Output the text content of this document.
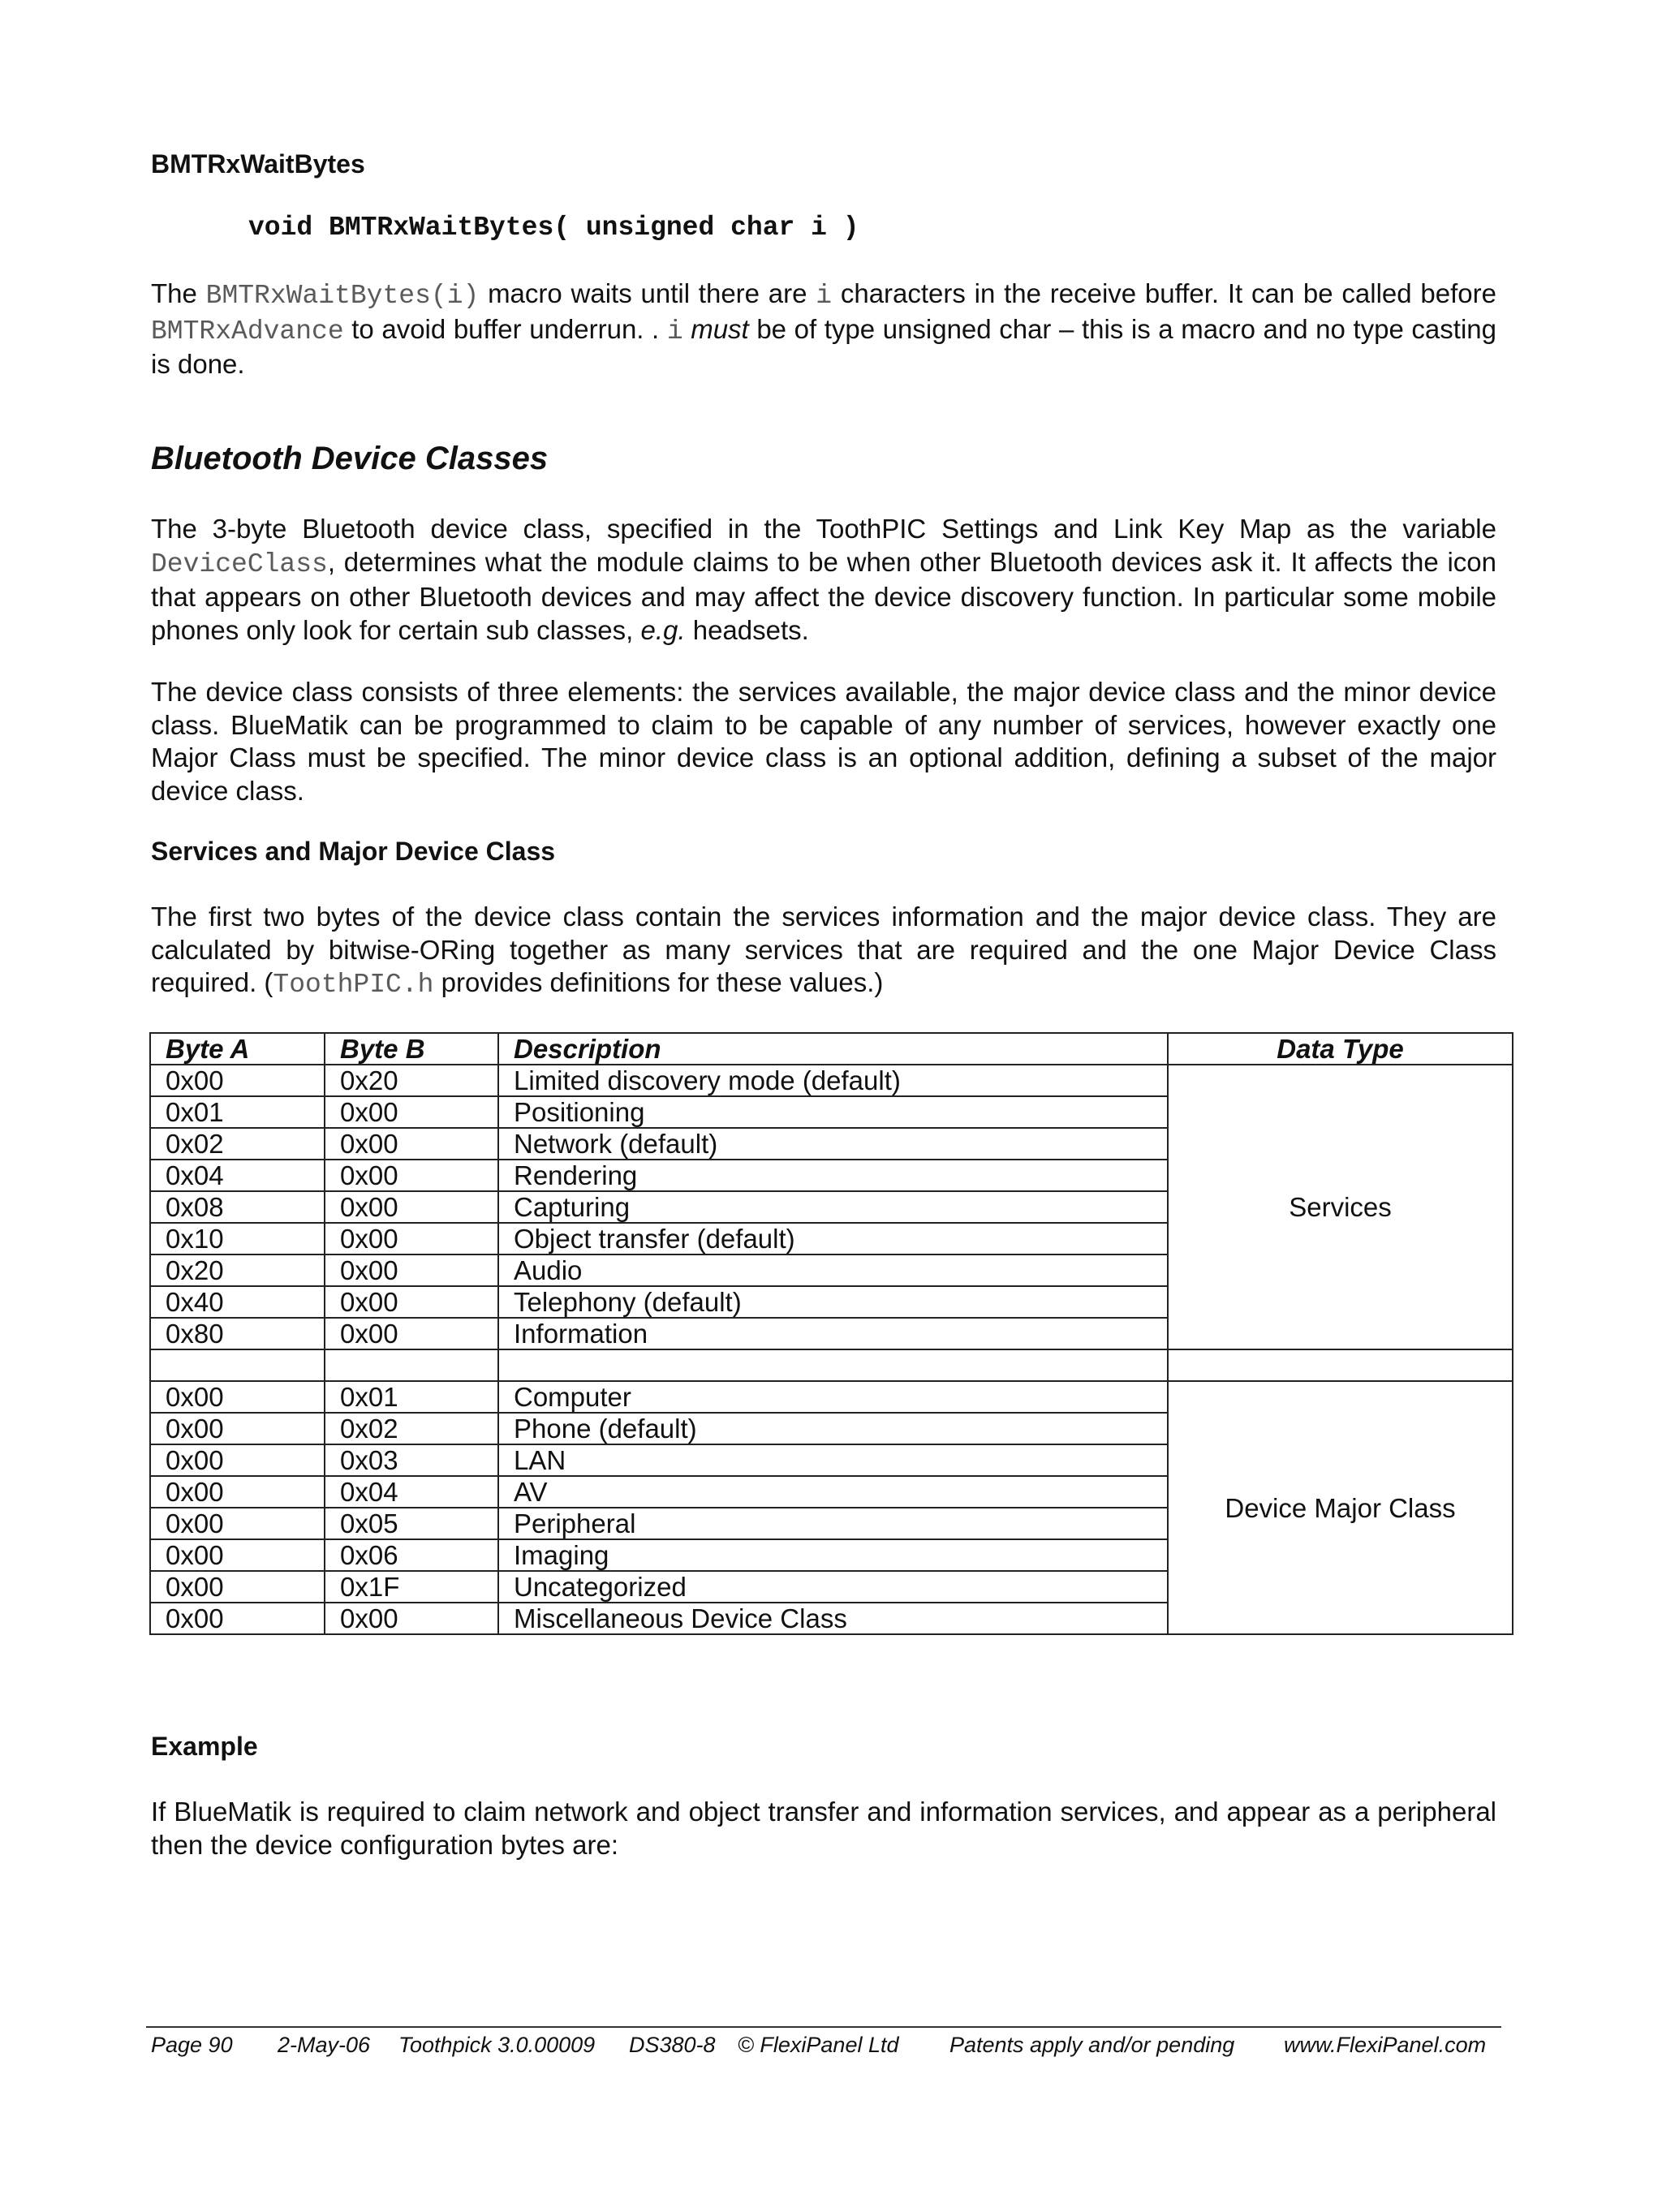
BMTRxWaitBytes

void BMTRxWaitBytes( unsigned char i )

The BMTRxWaitBytes(i) macro waits until there are i characters in the receive buffer. It can be called before BMTRxAdvance to avoid buffer underrun. . i must be of type unsigned char – this is a macro and no type casting is done.

Bluetooth Device Classes

The 3-byte Bluetooth device class, specified in the ToothPIC Settings and Link Key Map as the variable DeviceClass, determines what the module claims to be when other Bluetooth devices ask it. It affects the icon that appears on other Bluetooth devices and may affect the device discovery function. In particular some mobile phones only look for certain sub classes, e.g. headsets.

The device class consists of three elements: the services available, the major device class and the minor device class. BlueMatik can be programmed to claim to be capable of any number of services, however exactly one Major Class must be specified. The minor device class is an optional addition, defining a subset of the major device class.

Services and Major Device Class

The first two bytes of the device class contain the services information and the major device class. They are calculated by bitwise-ORing together as many services that are required and the one Major Device Class required. (ToothPIC.h provides definitions for these values.)

Byte A	Byte B	Description	Data Type
0x00	0x20	Limited discovery mode (default)	Services
0x01	0x00	Positioning	
0x02	0x00	Network (default)	
0x04	0x00	Rendering	
0x08	0x00	Capturing	
0x10	0x00	Object transfer (default)	
0x20	0x00	Audio	
0x40	0x00	Telephony (default)	
0x80	0x00	Information	

0x00	0x01	Computer	Device Major Class
0x00	0x02	Phone (default)	
0x00	0x03	LAN	
0x00	0x04	AV	
0x00	0x05	Peripheral	
0x00	0x06	Imaging	
0x00	0x1F	Uncategorized	
0x00	0x00	Miscellaneous Device Class	

Example

If BlueMatik is required to claim network and object transfer and information services, and appear as a peripheral then the device configuration bytes are:

Page 90 2-May-06 Toothpick 3.0.00009 DS380-8 © FlexiPanel Ltd Patents apply and/or pending www.FlexiPanel.com
